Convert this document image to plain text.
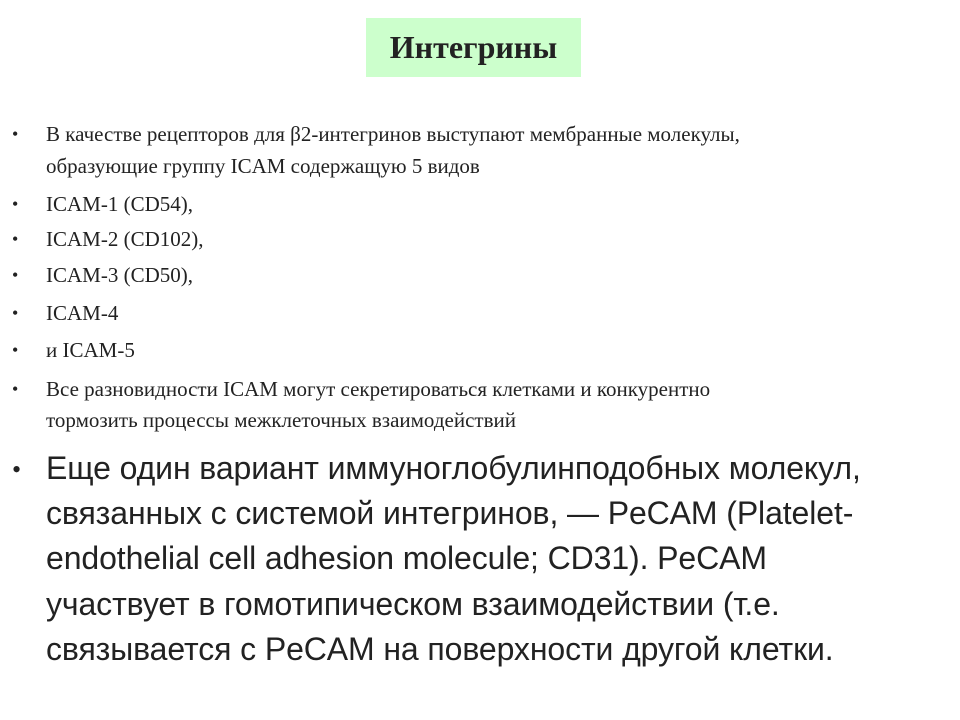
Интегрины
• В качестве рецепторов для β2-интегринов выступают мембранные молекулы,
образующие группу ICAM содержащую 5 видов
• ICAM-1 (CD54),
• ICAM-2 (CD102),
• ICAM-3 (CD50),
• ICAM-4
• и ICAM-5
• Все разновидности ICAM могут секретироваться клетками и конкурентно
тормозить процессы межклеточных взаимодействий
• Еще один вариант иммуноглобулинподобных молекул,
связанных с системой интегринов, — PeCAM (Platelet-
endothelial cell adhesion molecule; CD31). PeCAM
участвует в гомотипическом взаимодействии (т.е.
связывается с PeCAM на поверхности другой клетки.
